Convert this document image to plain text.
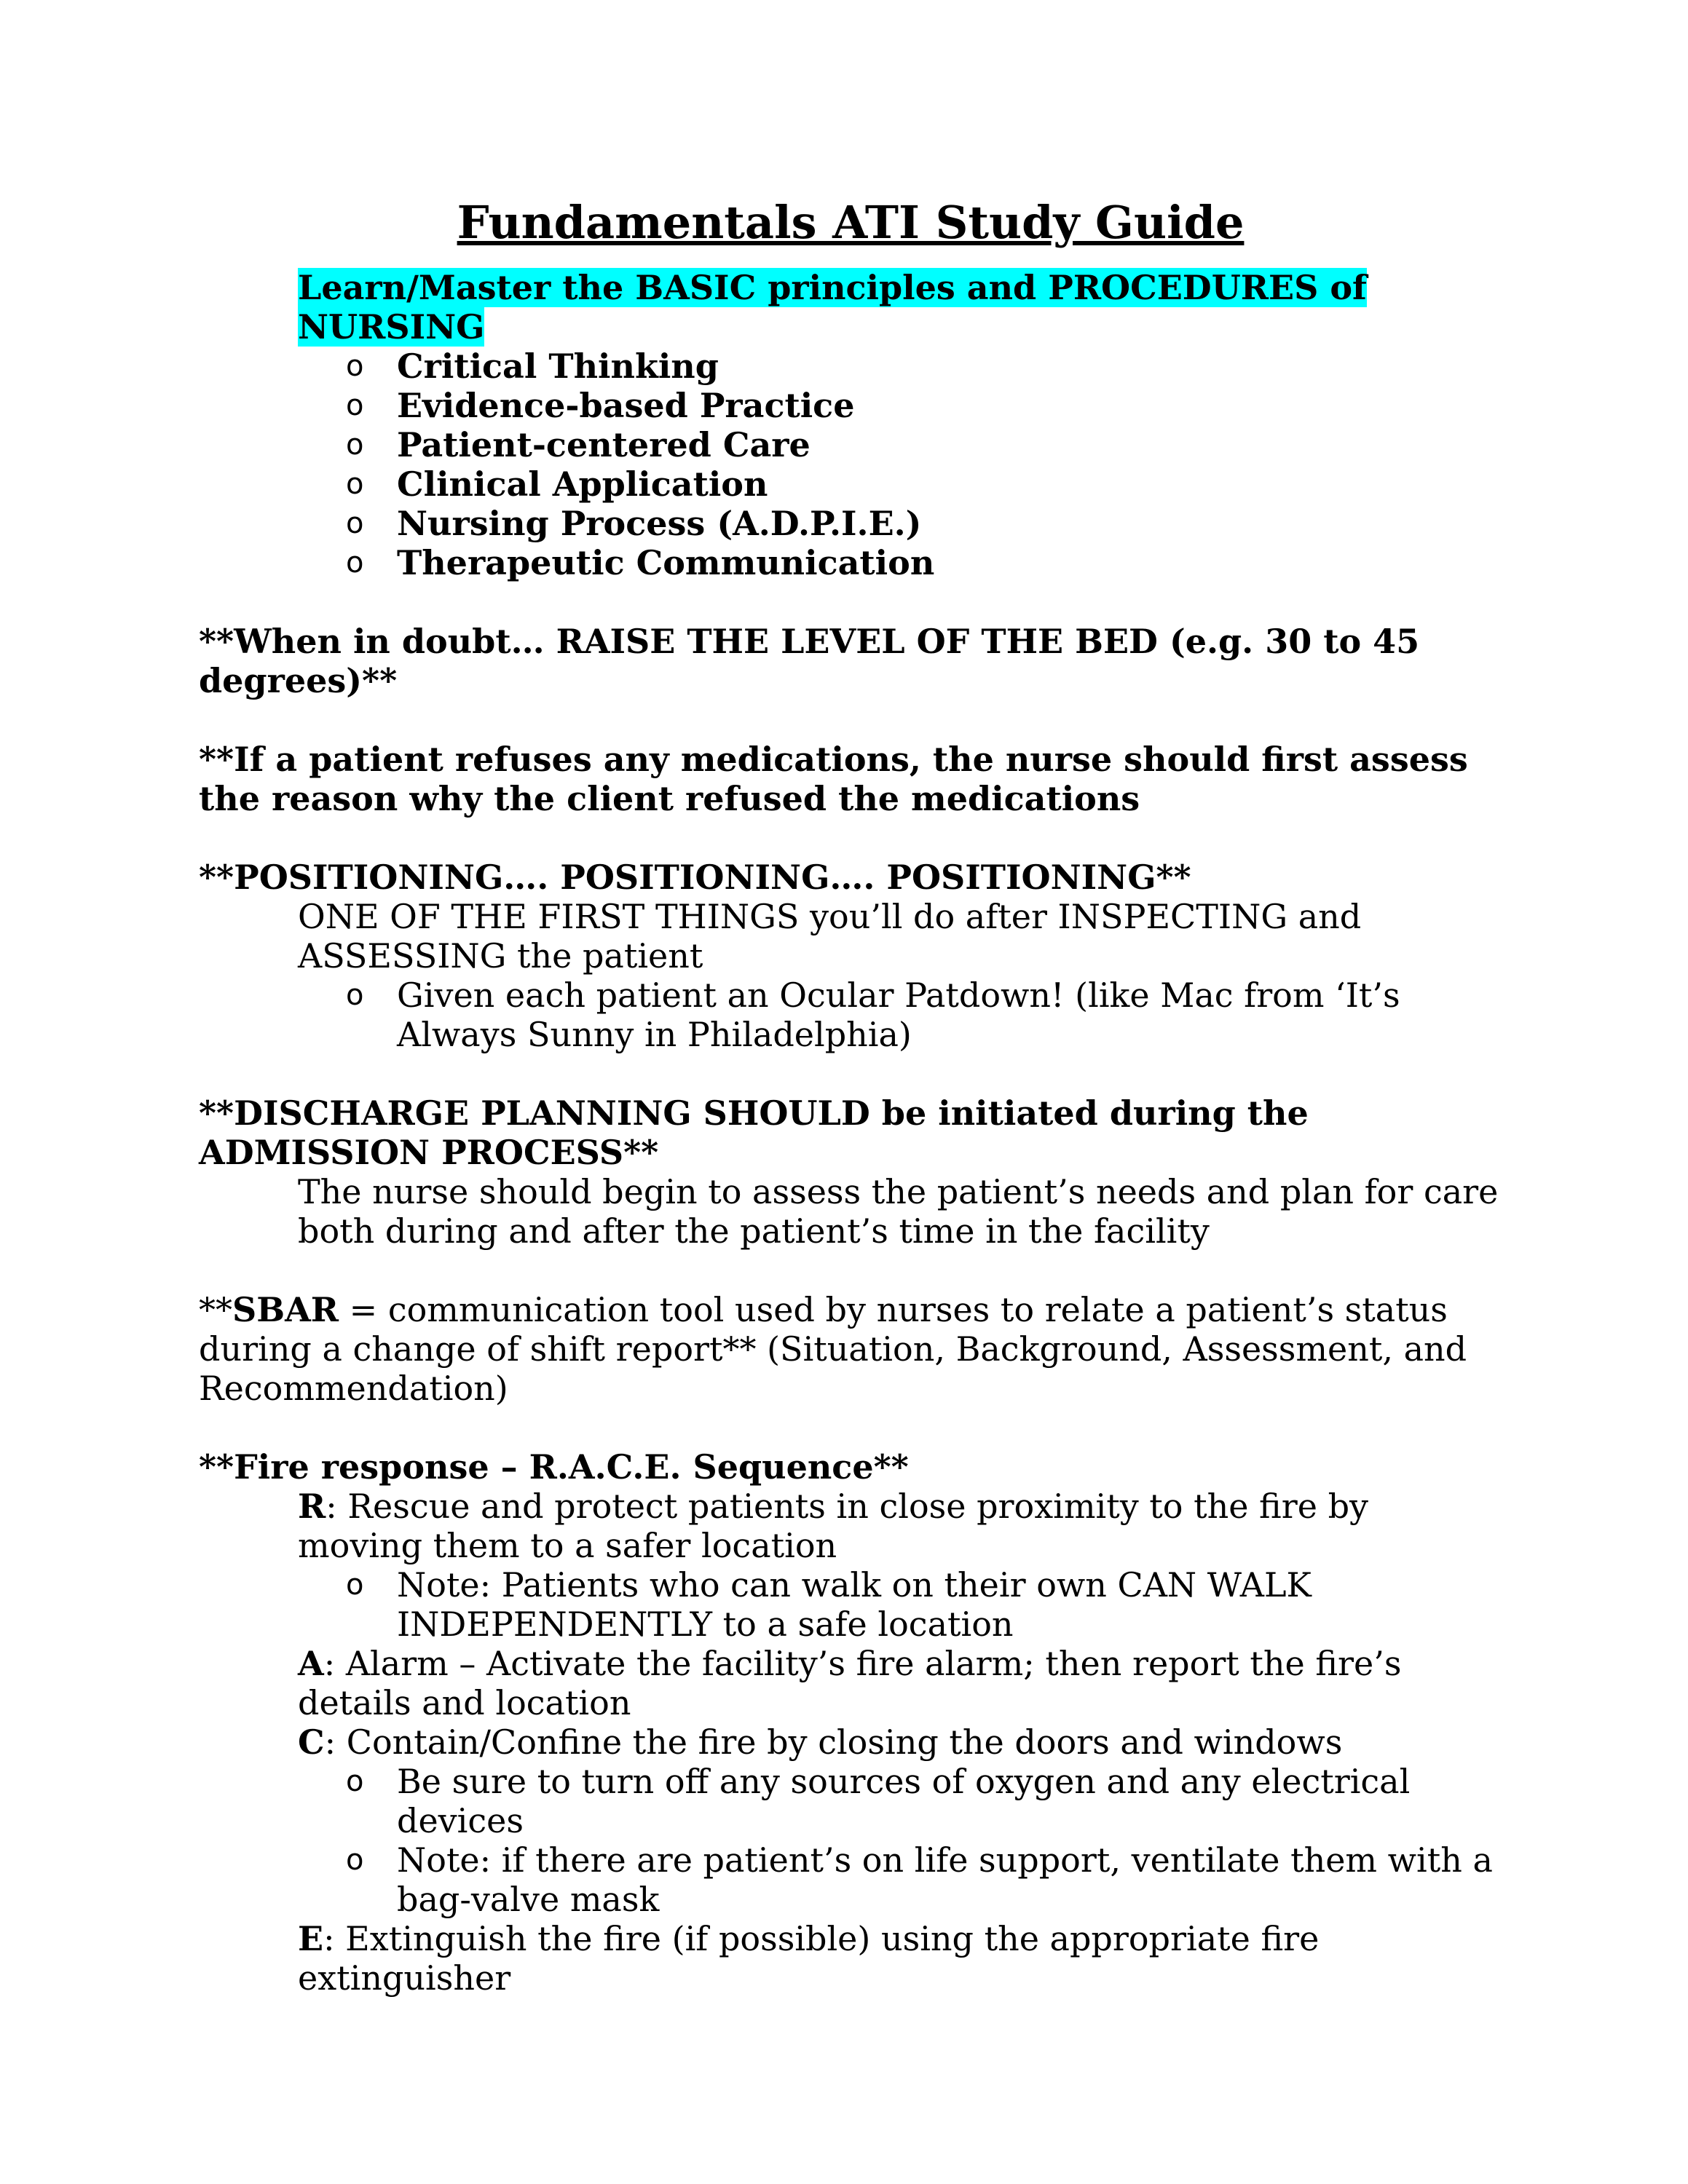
Fundamentals ATI Study Guide
Learn/Master the BASIC principles and PROCEDURES of NURSING
o Critical Thinking
o Evidence-based Practice
o Patient-centered Care
o Clinical Application
o Nursing Process (A.D.P.I.E.)
o Therapeutic Communication
**When in doubt… RAISE THE LEVEL OF THE BED (e.g. 30 to 45 degrees)**
**If a patient refuses any medications, the nurse should first assess the reason why the client refused the medications
**POSITIONING…. POSITIONING…. POSITIONING**
ONE OF THE FIRST THINGS you’ll do after INSPECTING and ASSESSING the patient
o Given each patient an Ocular Patdown! (like Mac from ‘It’s Always Sunny in Philadelphia)
**DISCHARGE PLANNING SHOULD be initiated during the ADMISSION PROCESS**
The nurse should begin to assess the patient’s needs and plan for care both during and after the patient’s time in the facility
**SBAR = communication tool used by nurses to relate a patient’s status during a change of shift report** (Situation, Background, Assessment, and Recommendation)
**Fire response – R.A.C.E. Sequence**
R: Rescue and protect patients in close proximity to the fire by moving them to a safer location
o Note: Patients who can walk on their own CAN WALK INDEPENDENTLY to a safe location
A: Alarm – Activate the facility’s fire alarm; then report the fire’s details and location
C: Contain/Confine the fire by closing the doors and windows
o Be sure to turn off any sources of oxygen and any electrical devices
o Note: if there are patient’s on life support, ventilate them with a bag-valve mask
E: Extinguish the fire (if possible) using the appropriate fire extinguisher
